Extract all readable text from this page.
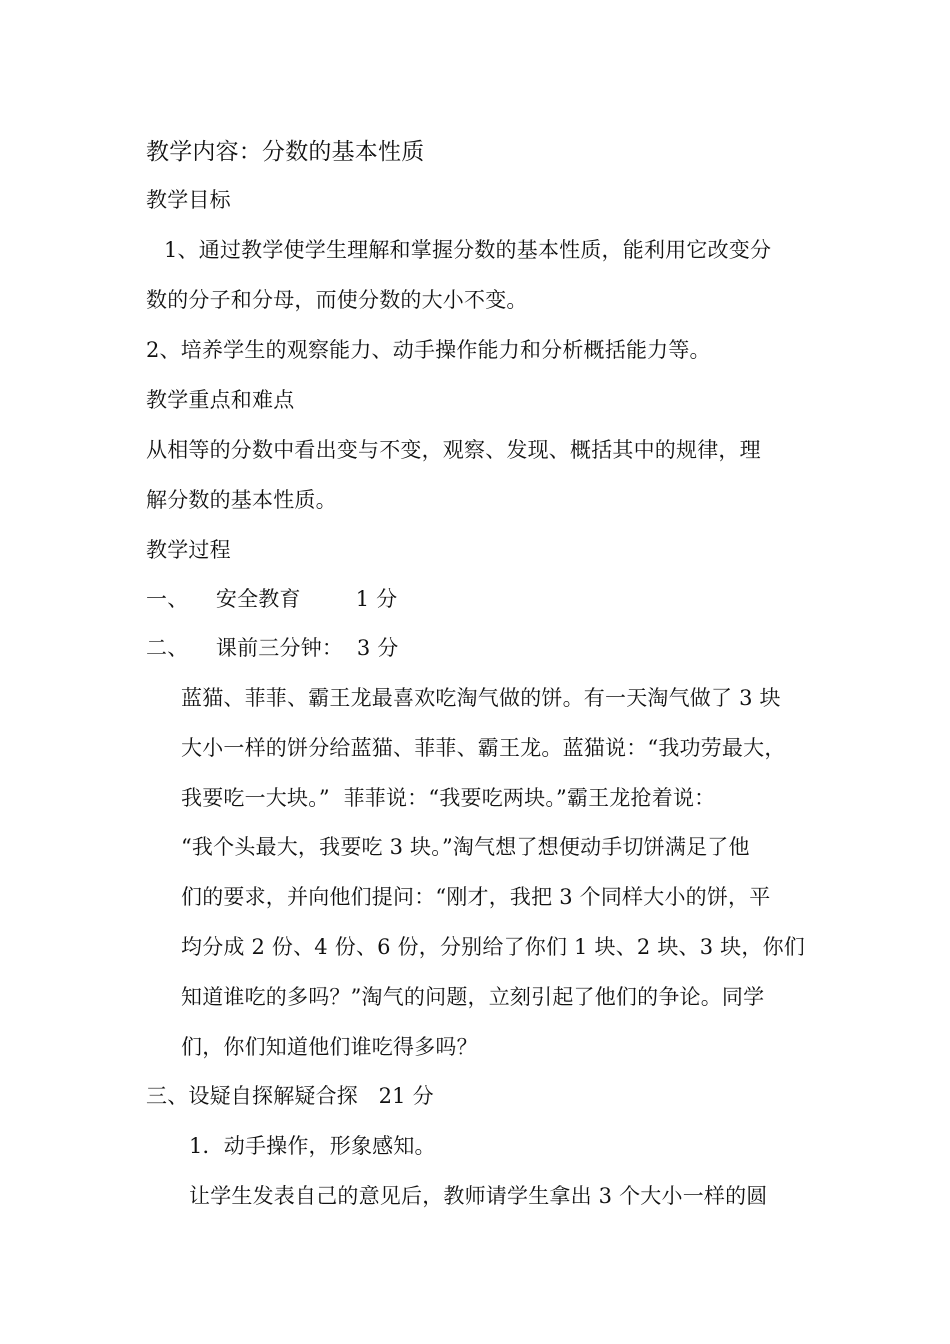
教学内容：分数的基本性质
教学目标
1、通过教学使学生理解和掌握分数的基本性质，能利用它改变分
数的分子和分母，而使分数的大小不变。
2、培养学生的观察能力、动手操作能力和分析概括能力等。
教学重点和难点
从相等的分数中看出变与不变，观察、发现、概括其中的规律，理
解分数的基本性质。
教学过程
一、    安全教育        1 分
二、    课前三分钟：  3 分
蓝猫、菲菲、霸王龙最喜欢吃淘气做的饼。有一天淘气做了 3 块
大小一样的饼分给蓝猫、菲菲、霸王龙。蓝猫说：“我功劳最大，
我要吃一大块。”  菲菲说：“我要吃两块。”霸王龙抢着说：
“我个头最大，我要吃 3 块。”淘气想了想便动手切饼满足了他
们的要求，并向他们提问：“刚才，我把 3 个同样大小的饼，平
均分成 2 份、4 份、6 份，分别给了你们 1 块、2 块、3 块，你们
知道谁吃的多吗？”淘气的问题，立刻引起了他们的争论。同学
们，你们知道他们谁吃得多吗？
三、设疑自探解疑合探   21 分
1．动手操作，形象感知。
让学生发表自己的意见后，教师请学生拿出 3 个大小一样的圆
